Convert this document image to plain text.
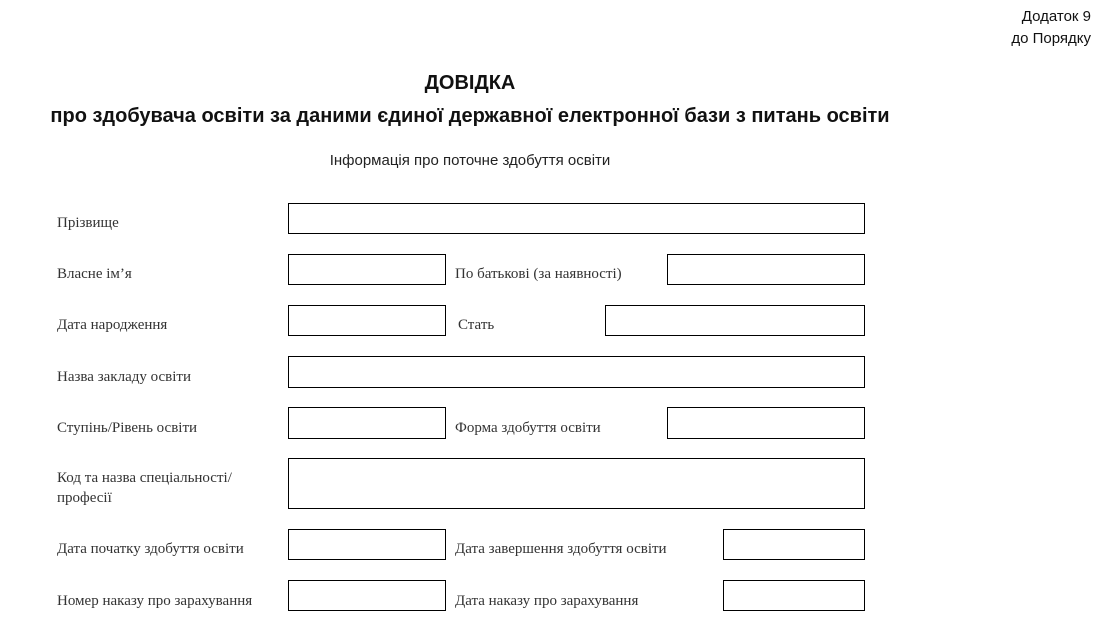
Додаток 9
до Порядку
ДОВІДКА
про здобувача освіти за даними єдиної державної електронної бази з питань освіти
Інформація про поточне здобуття освіти
Прізвище
Власне ім’я	По батькові (за наявності)
Дата народження	Стать
Назва закладу освіти
Ступінь/Рівень освіти	Форма здобуття освіти
Код та назва спеціальності/
професії
Дата початку здобуття освіти	Дата завершення здобуття освіти
Номер наказу про зарахування	Дата наказу про зарахування
